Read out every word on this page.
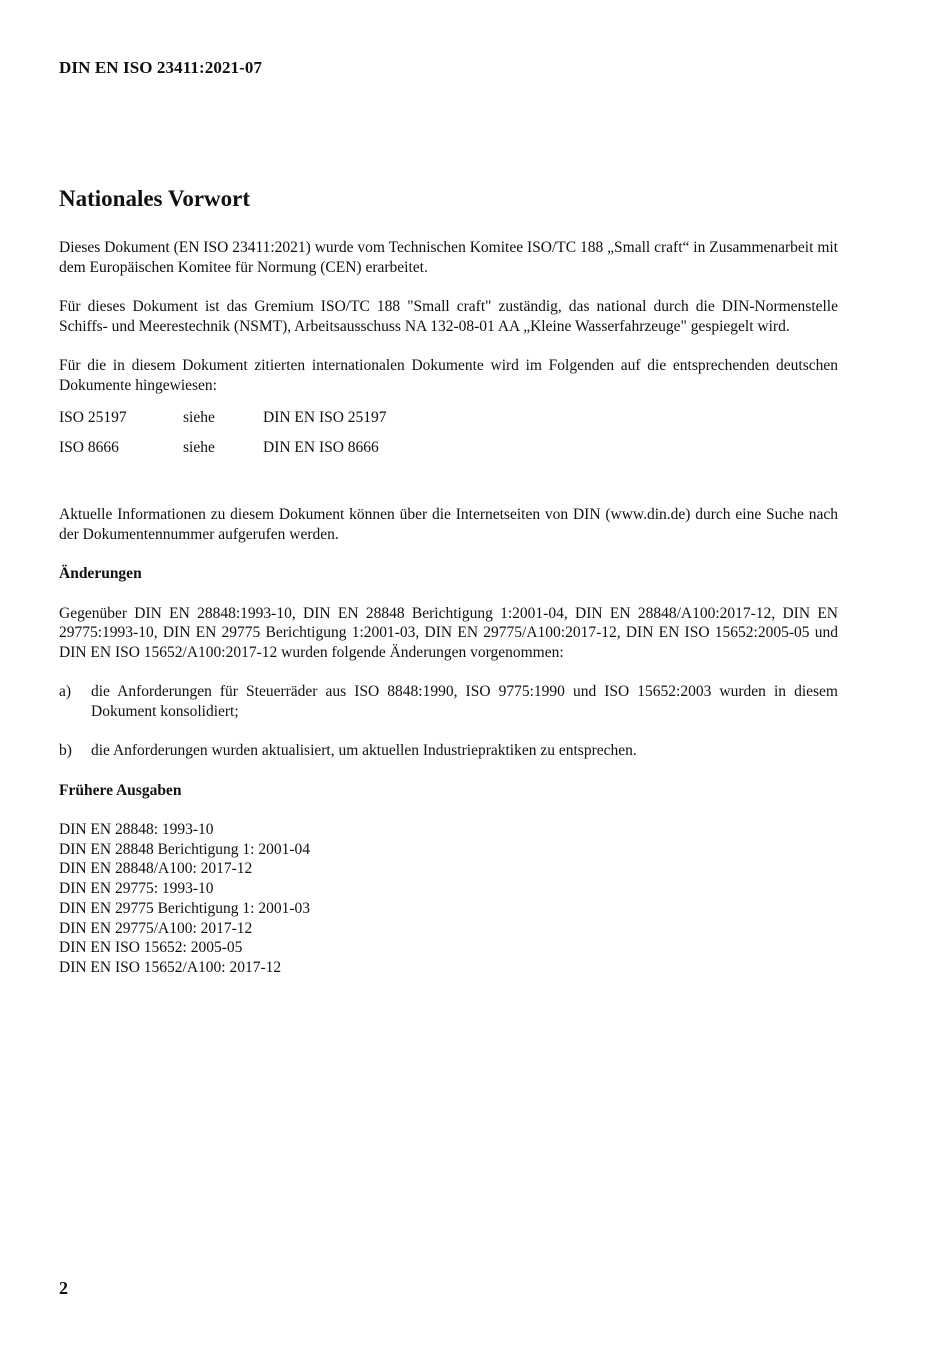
DIN EN ISO 23411:2021-07
Nationales Vorwort

Dieses Dokument (EN ISO 23411:2021) wurde vom Technischen Komitee ISO/TC 188 „Small craft“ in Zusammenarbeit mit dem Europäischen Komitee für Normung (CEN) erarbeitet.

Für dieses Dokument ist das Gremium ISO/TC 188 "Small craft" zuständig, das national durch die DIN-Normenstelle Schiffs- und Meerestechnik (NSMT), Arbeitsausschuss NA 132-08-01 AA „Kleine Wasserfahrzeuge" gespiegelt wird.

Für die in diesem Dokument zitierten internationalen Dokumente wird im Folgenden auf die entsprechenden deutschen Dokumente hingewiesen:

ISO 25197	siehe	DIN EN ISO 25197
ISO 8666	siehe	DIN EN ISO 8666

Aktuelle Informationen zu diesem Dokument können über die Internetseiten von DIN (www.din.de) durch eine Suche nach der Dokumentennummer aufgerufen werden.

Änderungen

Gegenüber DIN EN 28848:1993-10, DIN EN 28848 Berichtigung 1:2001-04, DIN EN 28848/A100:2017-12, DIN EN 29775:1993-10, DIN EN 29775 Berichtigung 1:2001-03, DIN EN 29775/A100:2017-12, DIN EN ISO 15652:2005-05 und DIN EN ISO 15652/A100:2017-12 wurden folgende Änderungen vorgenommen:

a)	die Anforderungen für Steuerräder aus ISO 8848:1990, ISO 9775:1990 und ISO 15652:2003 wurden in diesem Dokument konsolidiert;
b)	die Anforderungen wurden aktualisiert, um aktuellen Industriepraktiken zu entsprechen.

Frühere Ausgaben

DIN EN 28848: 1993-10
DIN EN 28848 Berichtigung 1: 2001-04
DIN EN 28848/A100: 2017-12
DIN EN 29775: 1993-10
DIN EN 29775 Berichtigung 1: 2001-03
DIN EN 29775/A100: 2017-12
DIN EN ISO 15652: 2005-05
DIN EN ISO 15652/A100: 2017-12
2
